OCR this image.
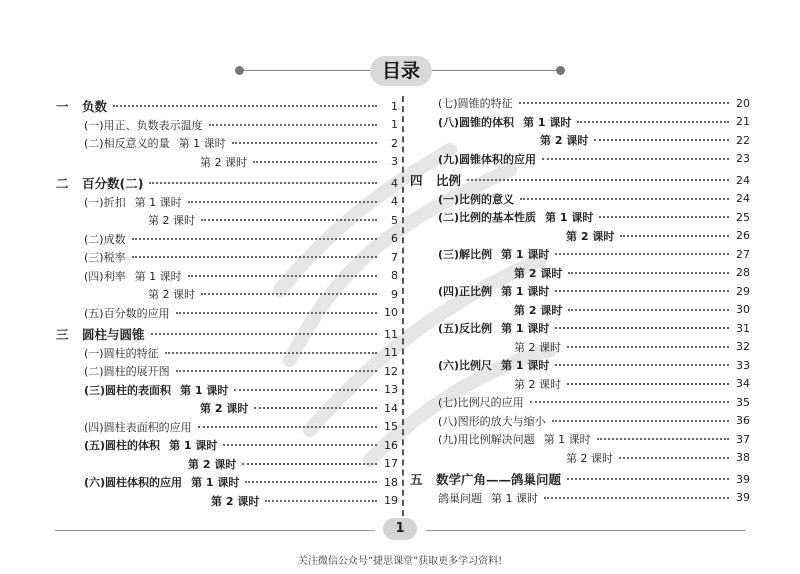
目录
一	负数	1
(一)用正、负数表示温度	1
(二)相反意义的量 第 1 课时	2
第 2 课时	3
二	百分数(二)	4
(一)折扣 第 1 课时	4
第 2 课时	5
(二)成数	6
(三)税率	7
(四)利率 第 1 课时	8
第 2 课时	9
(五)百分数的应用	10
三	圆柱与圆锥	11
(一)圆柱的特征	11
(二)圆柱的展开图	12
(三)圆柱的表面积 第 1 课时	13
第 2 课时	14
(四)圆柱表面积的应用	15
(五)圆柱的体积 第 1 课时	16
第 2 课时	17
(六)圆柱体积的应用 第 1 课时	18
第 2 课时	19
(七)圆锥的特征	20
(八)圆锥的体积 第 1 课时	21
第 2 课时	22
(九)圆锥体积的应用	23
四	比例	24
(一)比例的意义	24
(二)比例的基本性质 第 1 课时	25
第 2 课时	26
(三)解比例 第 1 课时	27
第 2 课时	28
(四)正比例 第 1 课时	29
第 2 课时	30
(五)反比例 第 1 课时	31
第 2 课时	32
(六)比例尺 第 1 课时	33
第 2 课时	34
(七)比例尺的应用	35
(八)图形的放大与缩小	36
(九)用比例解决问题 第 1 课时	37
第 2 课时	38
五	数学广角——鸽巢问题	39
鸽巢问题 第 1 课时	39
1
关注微信公众号“捷思课堂”获取更多学习资料!
